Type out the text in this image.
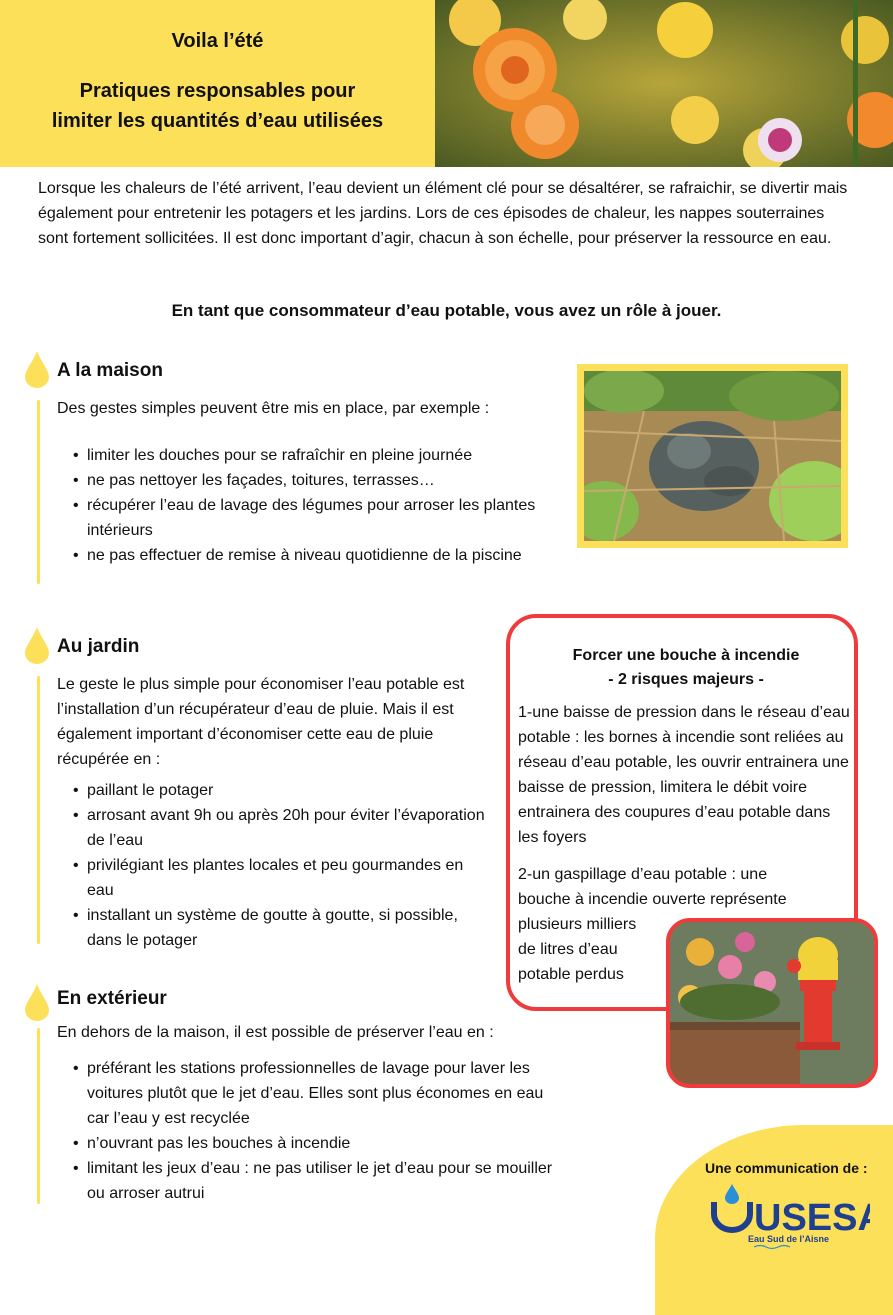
Voila l’été
Pratiques responsables pour
limiter les quantités d’eau utilisées
Lorsque les chaleurs de l’été arrivent, l’eau devient un élément clé pour se désaltérer, se rafraichir, se divertir mais également pour entretenir les potagers et les jardins. Lors de ces épisodes de chaleur, les nappes souterraines sont fortement sollicitées. Il est donc important d’agir, chacun à son échelle, pour préserver la ressource en eau.
En tant que consommateur d’eau potable, vous avez un rôle à jouer.
A la maison
Des gestes simples peuvent être mis en place, par exemple :
• limiter les douches pour se rafraîchir en pleine journée
• ne pas nettoyer les façades, toitures, terrasses…
• récupérer l’eau de lavage des légumes pour arroser les plantes intérieurs
• ne pas effectuer de remise à niveau quotidienne de la piscine
Au jardin
Le geste le plus simple pour économiser l’eau potable est l’installation d’un récupérateur d’eau de pluie. Mais il est également important d’économiser cette eau de pluie récupérée en :
• paillant le potager
• arrosant avant 9h ou après 20h pour éviter l’évaporation de l’eau
• privilégiant les plantes locales et peu gourmandes en eau
• installant un système de goutte à goutte, si possible, dans le potager
Forcer une bouche à incendie
- 2 risques majeurs -
1-une baisse de pression dans le réseau d’eau potable : les bornes à incendie sont reliées au réseau d’eau potable, les ouvrir entrainera une baisse de pression, limitera le débit voire entrainera des coupures d’eau potable dans les foyers
2-un gaspillage d’eau potable : une
bouche à incendie ouverte représente
plusieurs milliers
de litres d’eau
potable perdus
En extérieur
En dehors de la maison, il est possible de préserver l’eau en :
• préférant les stations professionnelles de lavage pour laver les voitures plutôt que le jet d’eau. Elles sont plus économes en eau car l’eau y est recyclée
• n’ouvrant pas les bouches à incendie
• limitant les jeux d’eau : ne pas utiliser le jet d’eau pour se mouiller ou arroser autrui
Une communication de :
USES
Eau Sud de l’Aisne
